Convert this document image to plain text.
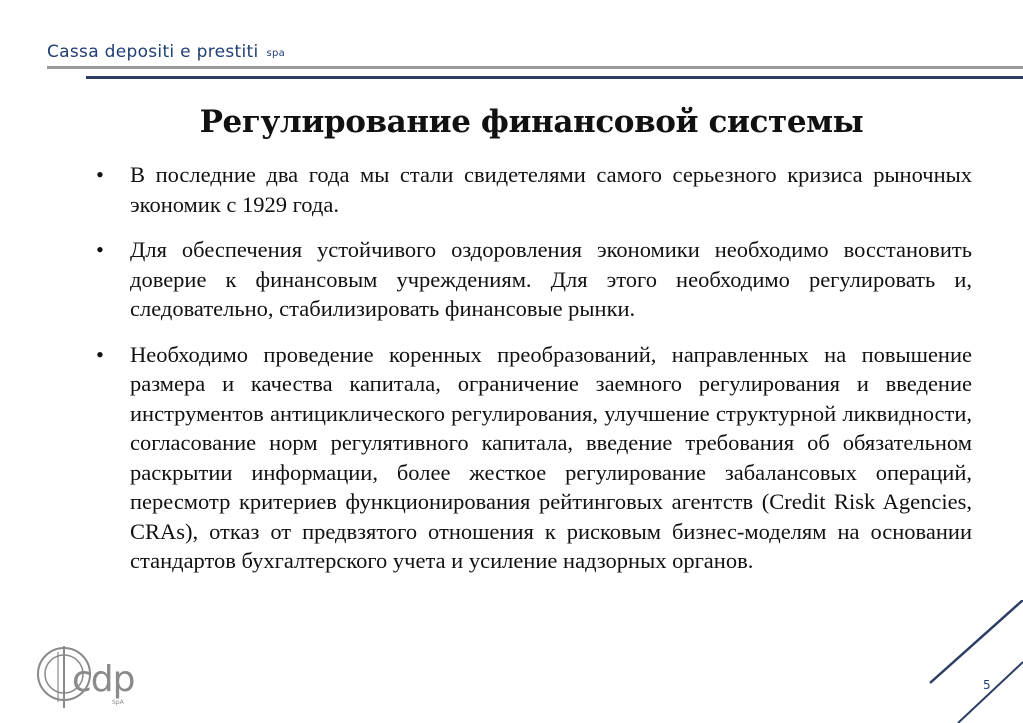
Cassa depositi e prestiti spa
Регулирование финансовой системы
• В последние два года мы стали свидетелями самого серьезного кризиса рыночных экономик с 1929 года.
• Для обеспечения устойчивого оздоровления экономики необходимо восстановить доверие к финансовым учреждениям. Для этого необходимо регулировать и, следовательно, стабилизировать финансовые рынки.
• Необходимо проведение коренных преобразований, направленных на повышение размера и качества капитала, ограничение заемного регулирования и введение инструментов антициклического регулирования, улучшение структурной ликвидности, согласование норм регулятивного капитала, введение требования об обязательном раскрытии информации, более жесткое регулирование забалансовых операций, пересмотр критериев функционирования рейтинговых агентств (Credit Risk Agencies, CRAs), отказ от предвзятого отношения к рисковым бизнес-моделям на основании стандартов бухгалтерского учета и усиление надзорных органов.
cdp
SpA
5
